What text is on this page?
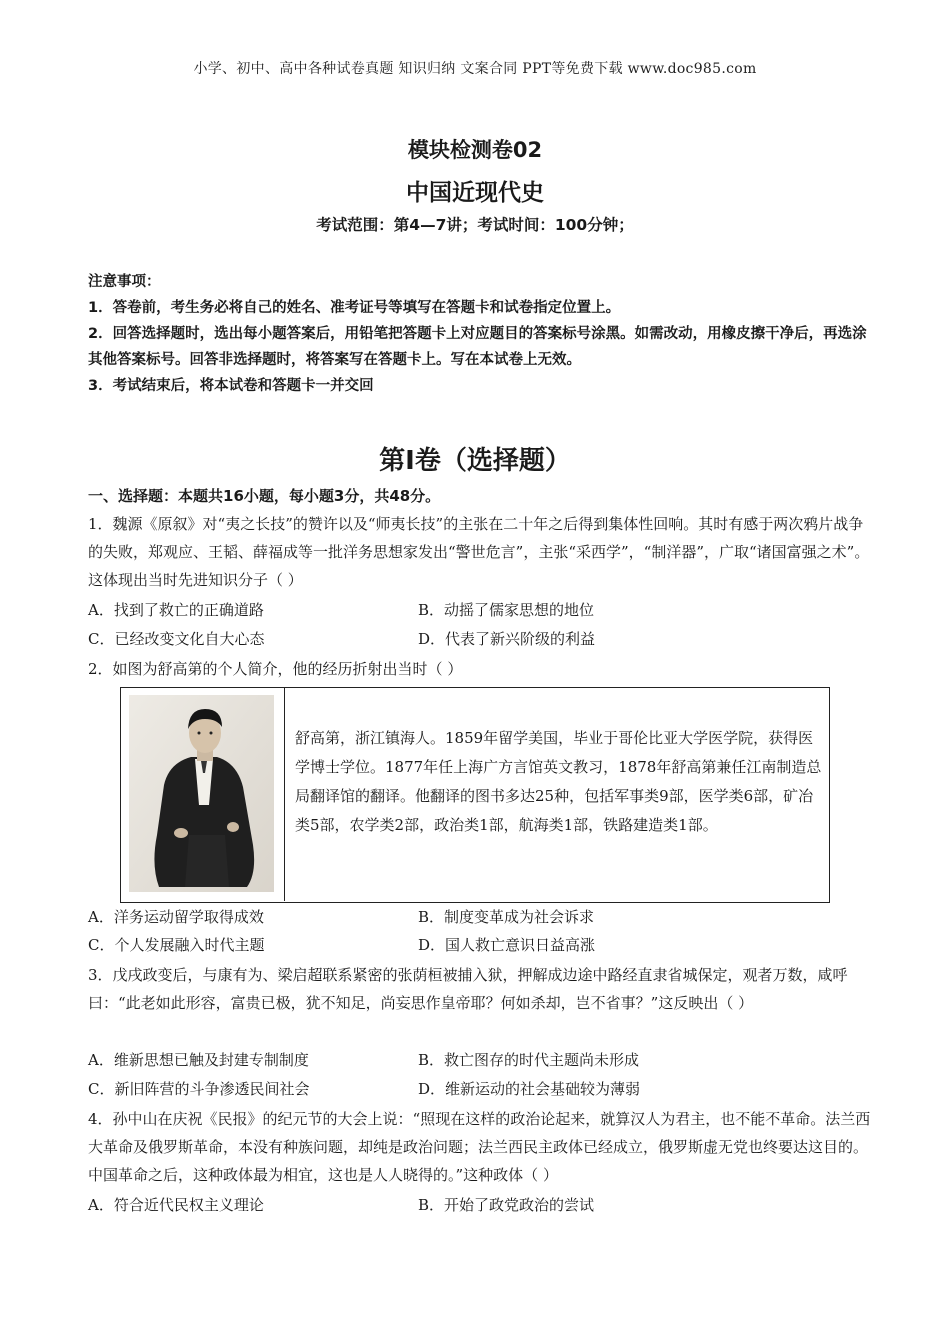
小学、初中、高中各种试卷真题 知识归纳 文案合同 PPT等免费下载 www.doc985.com
模块检测卷02
中国近现代史
考试范围：第4—7讲；考试时间：100分钟；
注意事项：
1．答卷前，考生务必将自己的姓名、准考证号等填写在答题卡和试卷指定位置上。
2．回答选择题时，选出每小题答案后，用铅笔把答题卡上对应题目的答案标号涂黑。如需改动，用橡皮擦干净后，再选涂其他答案标号。回答非选择题时，将答案写在答题卡上。写在本试卷上无效。
3．考试结束后，将本试卷和答题卡一并交回
第I卷（选择题）
一、选择题：本题共16小题，每小题3分，共48分。
1．魏源《原叙》对“夷之长技”的赞许以及“师夷长技”的主张在二十年之后得到集体性回响。其时有感于两次鸦片战争的失败，郑观应、王韬、薛福成等一批洋务思想家发出“警世危言”，主张“采西学”，“制洋器”，广取“诸国富强之术”。这体现出当时先进知识分子（ ）
A．找到了救亡的正确道路	B．动摇了儒家思想的地位
C．已经改变文化自大心态	D．代表了新兴阶级的利益
2．如图为舒高第的个人简介，他的经历折射出当时（ ）
舒高第，浙江镇海人。1859年留学美国，毕业于哥伦比亚大学医学院，获得医学博士学位。1877年任上海广方言馆英文教习，1878年舒高第兼任江南制造总局翻译馆的翻译。他翻译的图书多达25种，包括军事类9部，医学类6部，矿冶类5部，农学类2部，政治类1部，航海类1部，铁路建造类1部。
A．洋务运动留学取得成效	B．制度变革成为社会诉求
C．个人发展融入时代主题	D．国人救亡意识日益高涨
3．戊戌政变后，与康有为、梁启超联系紧密的张荫桓被捕入狱，押解成边途中路经直隶省城保定，观者万数，咸呼曰：“此老如此形容，富贵已极，犹不知足，尚妄思作皇帝耶？何如杀却，岂不省事？”这反映出（ ）
A．维新思想已触及封建专制制度	B．救亡图存的时代主题尚未形成
C．新旧阵营的斗争渗透民间社会	D．维新运动的社会基础较为薄弱
4．孙中山在庆祝《民报》的纪元节的大会上说：“照现在这样的政治论起来，就算汉人为君主，也不能不革命。法兰西大革命及俄罗斯革命，本没有种族问题，却纯是政治问题；法兰西民主政体已经成立，俄罗斯虚无党也终要达这目的。中国革命之后，这种政体最为相宜，这也是人人晓得的。”这种政体（ ）
A．符合近代民权主义理论	B．开始了政党政治的尝试
